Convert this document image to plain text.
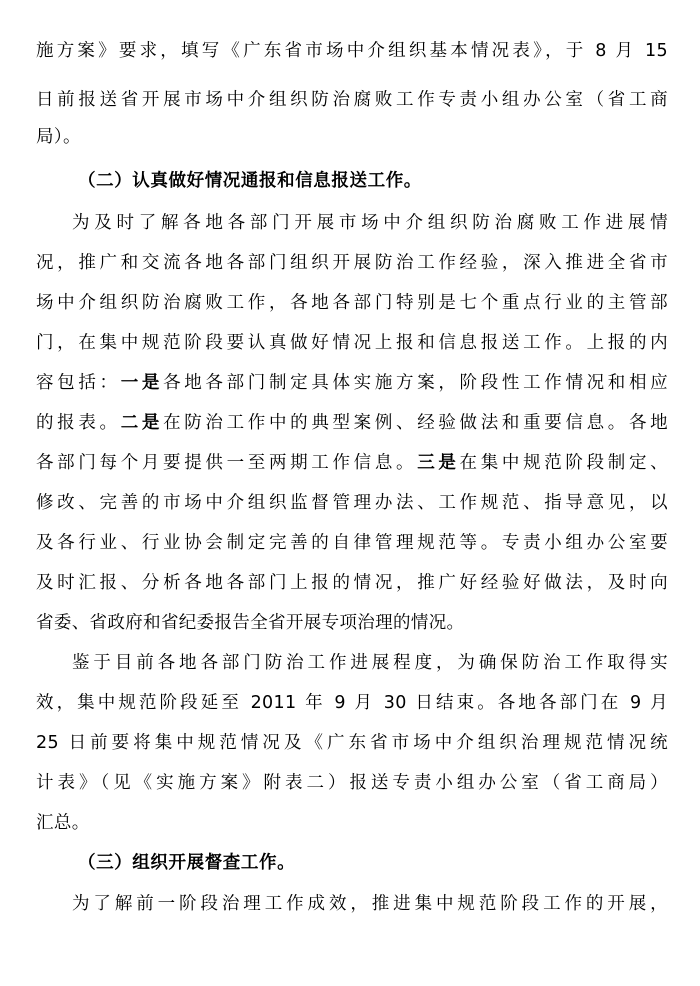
施方案》要求，填写《广东省市场中介组织基本情况表》，于 8 月 15
日前报送省开展市场中介组织防治腐败工作专责小组办公室（省工商
局）。
（二）认真做好情况通报和信息报送工作。
为及时了解各地各部门开展市场中介组织防治腐败工作进展情
况，推广和交流各地各部门组织开展防治工作经验，深入推进全省市
场中介组织防治腐败工作，各地各部门特别是七个重点行业的主管部
门，在集中规范阶段要认真做好情况上报和信息报送工作。上报的内
容包括：一是各地各部门制定具体实施方案，阶段性工作情况和相应
的报表。二是在防治工作中的典型案例、经验做法和重要信息。各地
各部门每个月要提供一至两期工作信息。三是在集中规范阶段制定、
修改、完善的市场中介组织监督管理办法、工作规范、指导意见，以
及各行业、行业协会制定完善的自律管理规范等。专责小组办公室要
及时汇报、分析各地各部门上报的情况，推广好经验好做法，及时向
省委、省政府和省纪委报告全省开展专项治理的情况。
鉴于目前各地各部门防治工作进展程度，为确保防治工作取得实
效，集中规范阶段延至 2011 年 9 月 30 日结束。各地各部门在 9 月
25 日前要将集中规范情况及《广东省市场中介组织治理规范情况统
计表》（见《实施方案》附表二）报送专责小组办公室（省工商局）
汇总。
（三）组织开展督查工作。
为了解前一阶段治理工作成效，推进集中规范阶段工作的开展，
